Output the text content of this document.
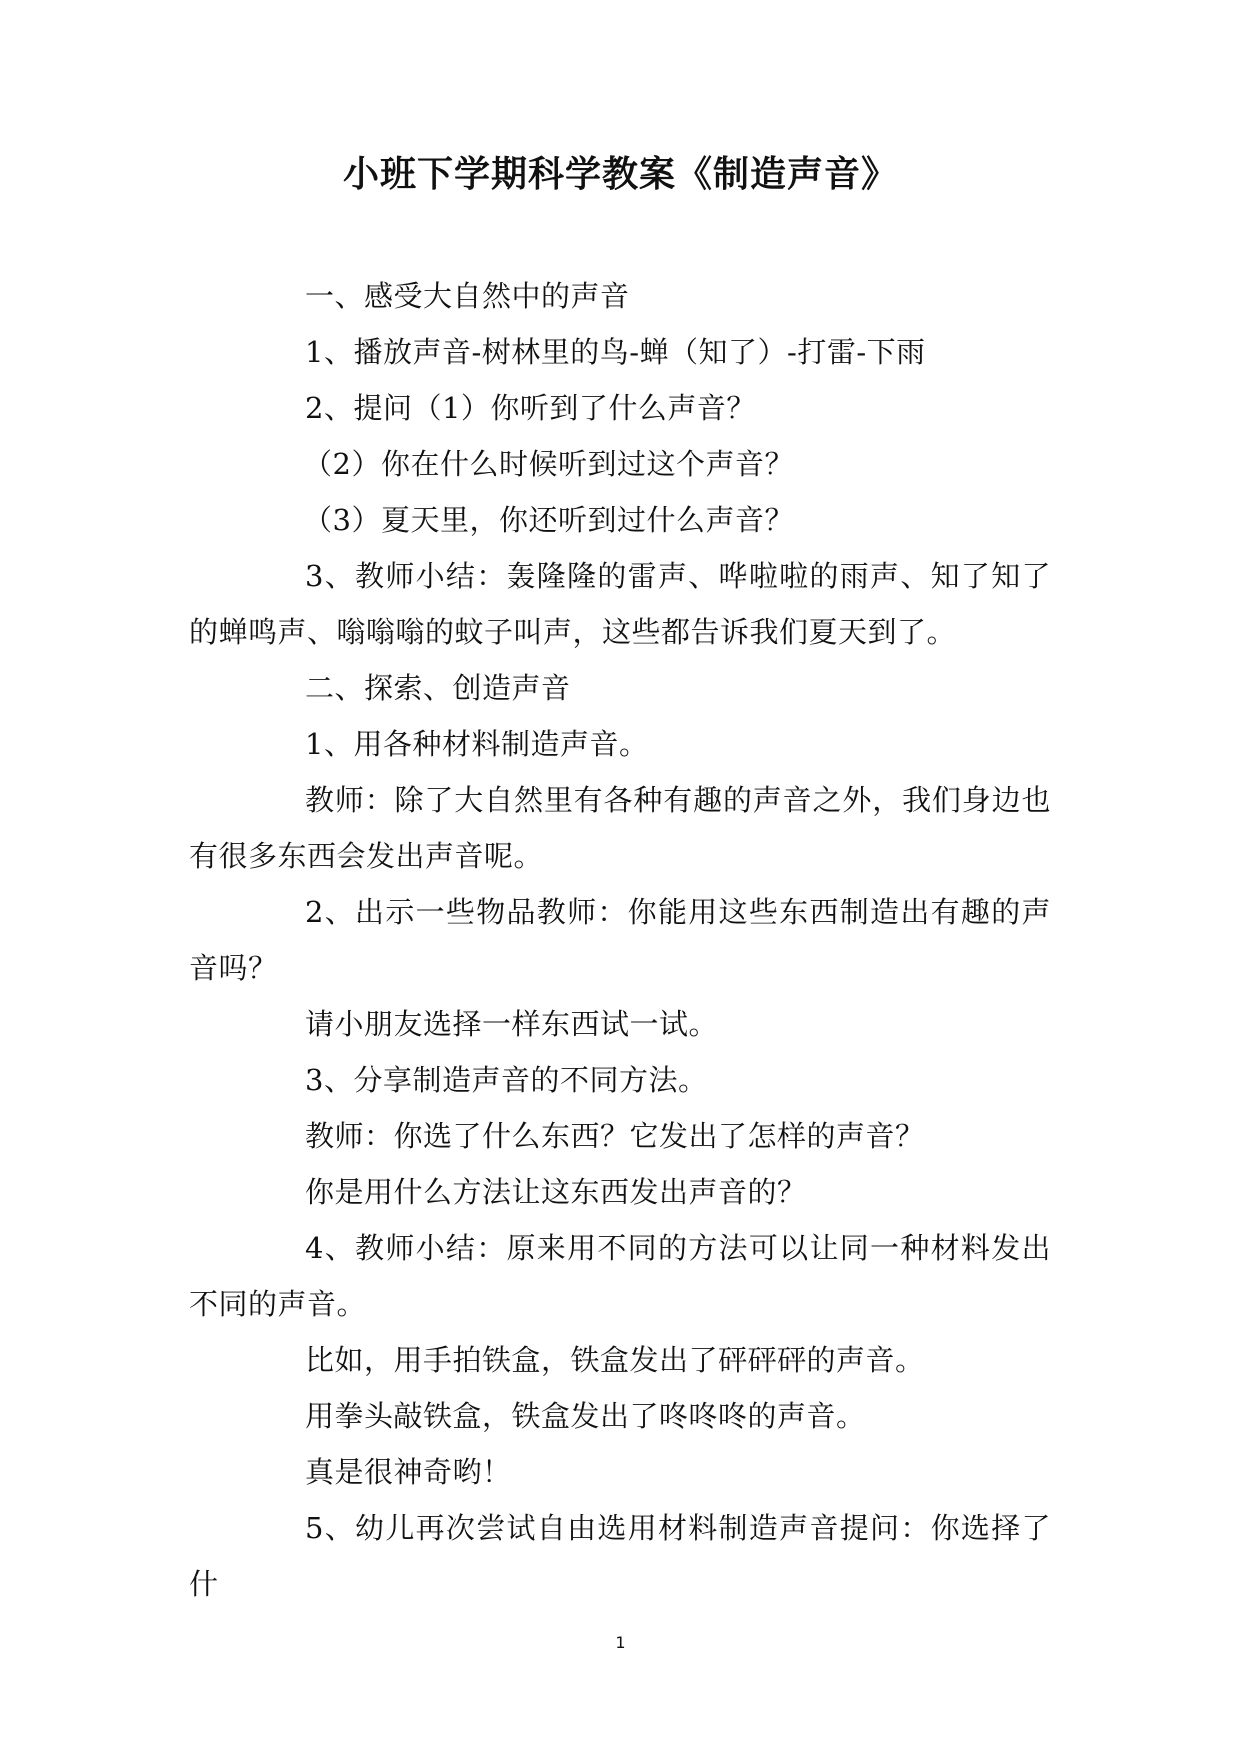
小班下学期科学教案《制造声音》

一、感受大自然中的声音

1、播放声音-树林里的鸟-蝉（知了）-打雷-下雨

2、提问（1）你听到了什么声音？

（2）你在什么时候听到过这个声音？

（3）夏天里，你还听到过什么声音？

3、教师小结：轰隆隆的雷声、哗啦啦的雨声、知了知了的蝉鸣声、嗡嗡嗡的蚊子叫声，这些都告诉我们夏天到了。

二、探索、创造声音

1、用各种材料制造声音。

教师：除了大自然里有各种有趣的声音之外，我们身边也有很多东西会发出声音呢。

2、出示一些物品教师：你能用这些东西制造出有趣的声音吗？

请小朋友选择一样东西试一试。

3、分享制造声音的不同方法。

教师：你选了什么东西？它发出了怎样的声音？

你是用什么方法让这东西发出声音的？

4、教师小结：原来用不同的方法可以让同一种材料发出不同的声音。

比如，用手拍铁盒，铁盒发出了砰砰砰的声音。

用拳头敲铁盒，铁盒发出了咚咚咚的声音。

真是很神奇哟！

5、幼儿再次尝试自由选用材料制造声音提问：你选择了什

1
